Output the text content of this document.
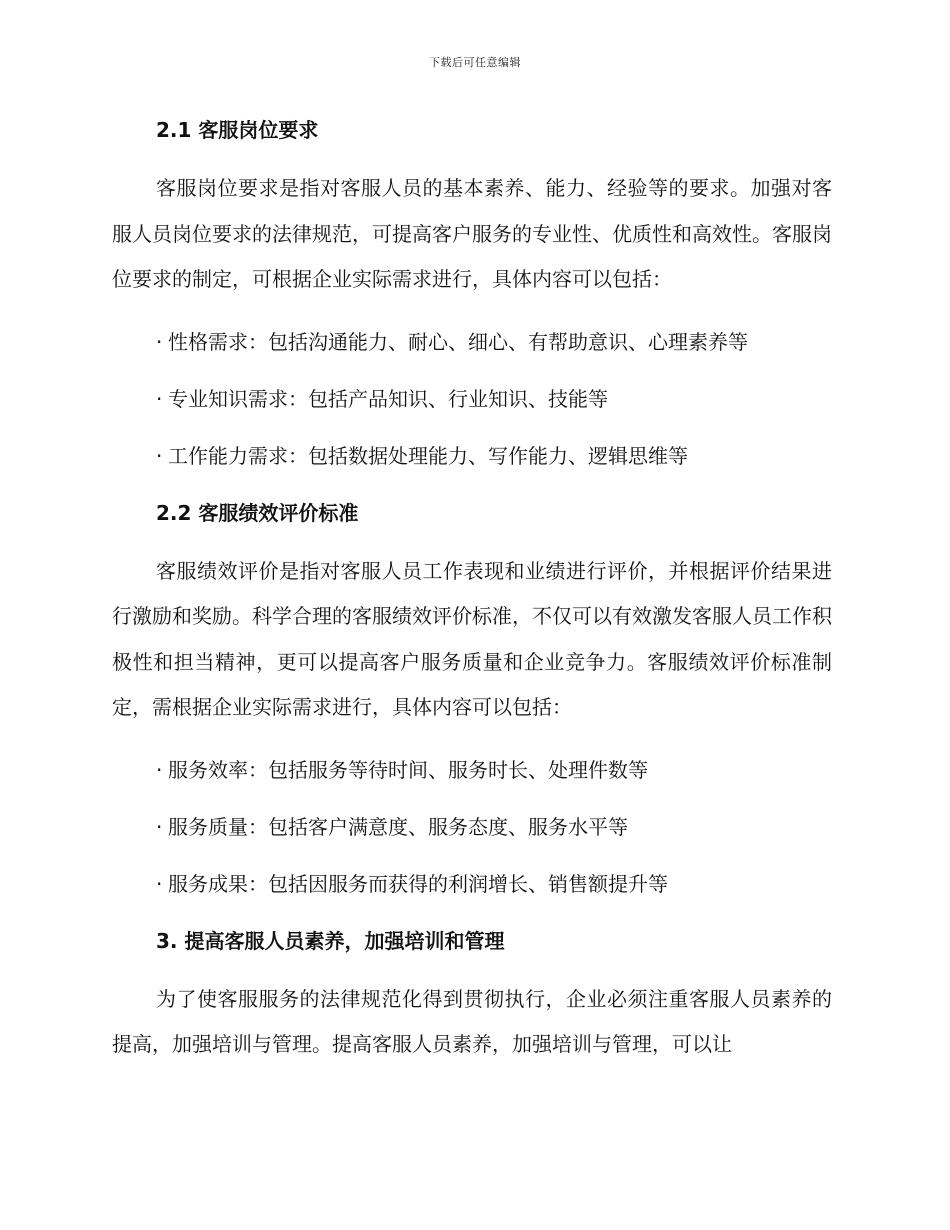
下载后可任意编辑
2.1 客服岗位要求

客服岗位要求是指对客服人员的基本素养、能力、经验等的要求。加强对客服人员岗位要求的法律规范，可提高客户服务的专业性、优质性和高效性。客服岗位要求的制定，可根据企业实际需求进行，具体内容可以包括：

· 性格需求：包括沟通能力、耐心、细心、有帮助意识、心理素养等
· 专业知识需求：包括产品知识、行业知识、技能等
· 工作能力需求：包括数据处理能力、写作能力、逻辑思维等
2.2 客服绩效评价标准

客服绩效评价是指对客服人员工作表现和业绩进行评价，并根据评价结果进行激励和奖励。科学合理的客服绩效评价标准，不仅可以有效激发客服人员工作积极性和担当精神，更可以提高客户服务质量和企业竞争力。客服绩效评价标准制定，需根据企业实际需求进行，具体内容可以包括：

· 服务效率：包括服务等待时间、服务时长、处理件数等
· 服务质量：包括客户满意度、服务态度、服务水平等
· 服务成果：包括因服务而获得的利润增长、销售额提升等
3. 提高客服人员素养，加强培训和管理

为了使客服服务的法律规范化得到贯彻执行，企业必须注重客服人员素养的提高，加强培训与管理。提高客服人员素养，加强培训与管理，可以让
